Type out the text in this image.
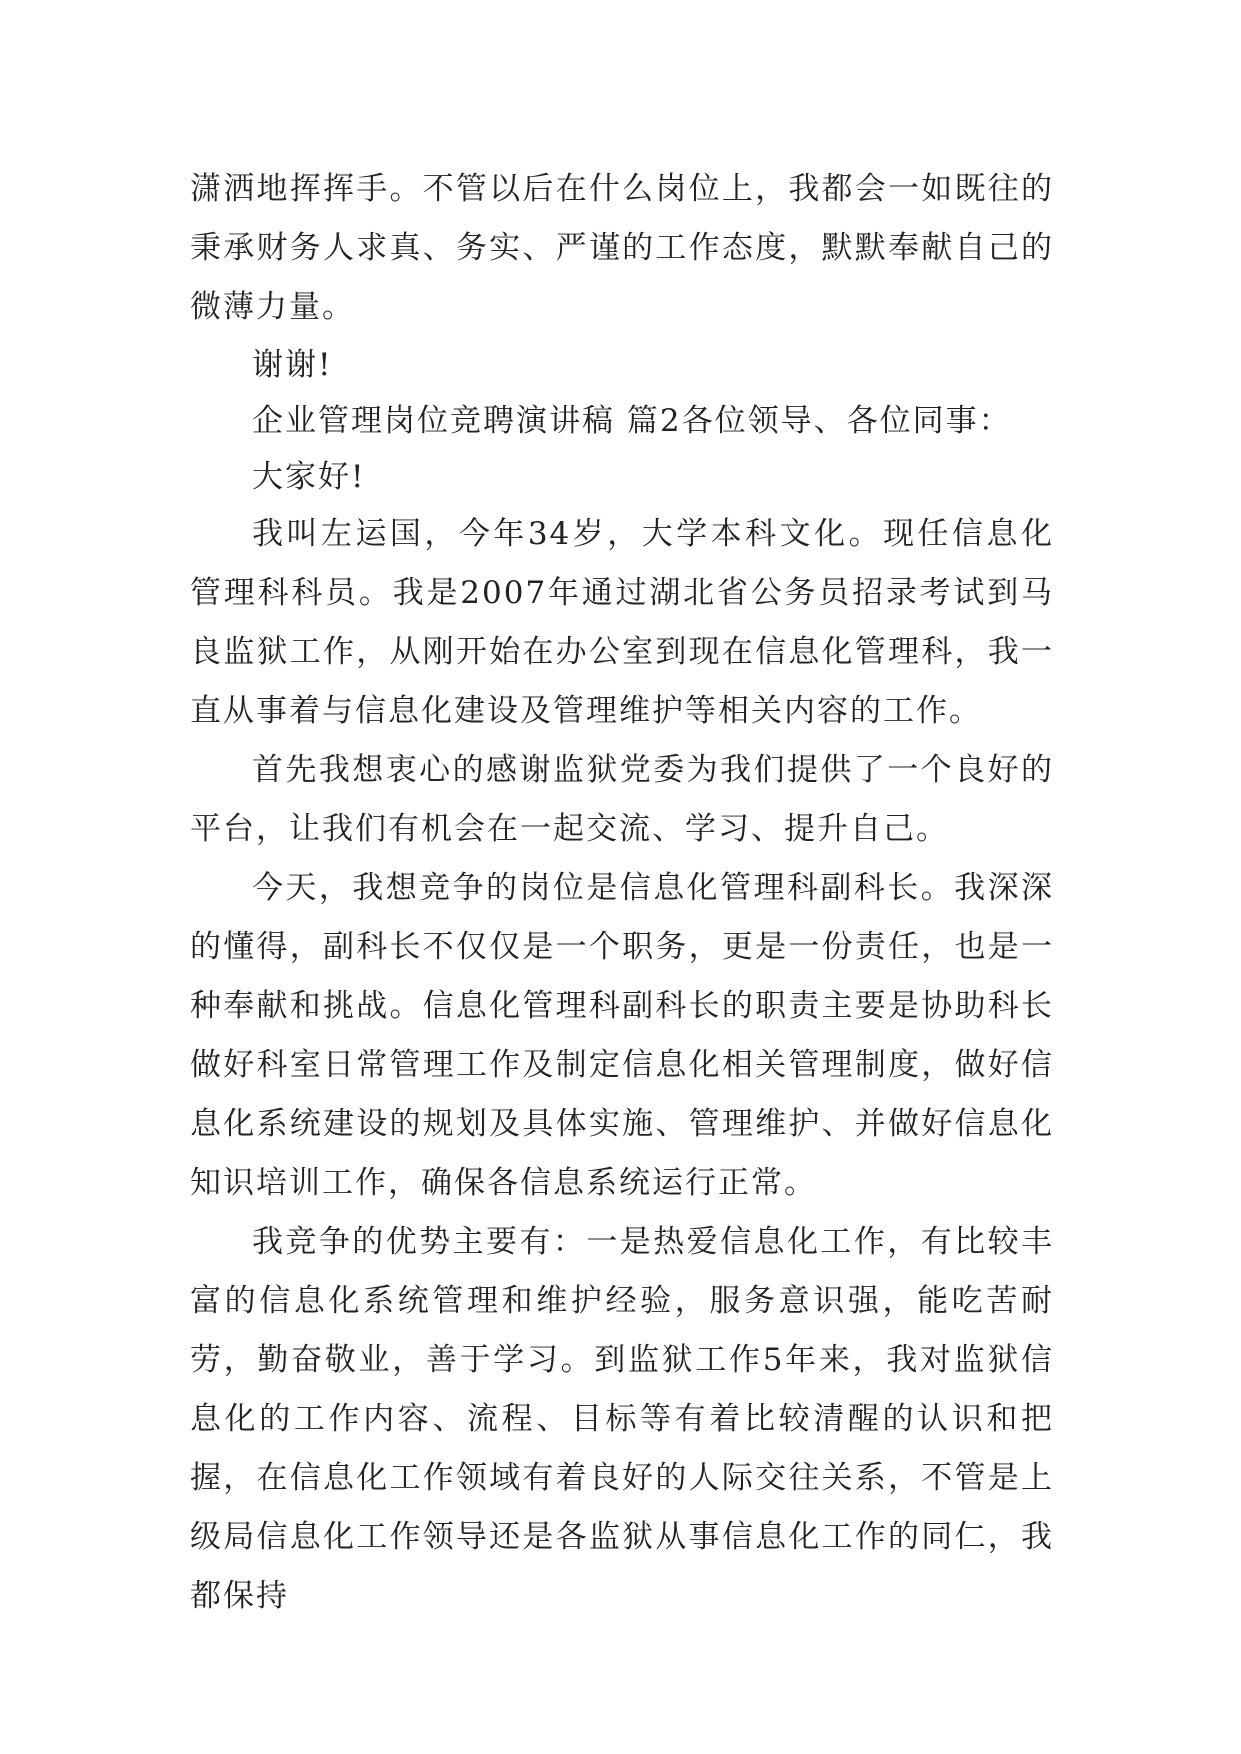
潇洒地挥挥手。不管以后在什么岗位上，我都会一如既往的秉承财务人求真、务实、严谨的工作态度，默默奉献自己的微薄力量。

谢谢!

企业管理岗位竞聘演讲稿 篇2各位领导、各位同事：

大家好!

我叫左运国，今年34岁，大学本科文化。现任信息化管理科科员。我是2007年通过湖北省公务员招录考试到马良监狱工作，从刚开始在办公室到现在信息化管理科，我一直从事着与信息化建设及管理维护等相关内容的工作。

首先我想衷心的感谢监狱党委为我们提供了一个良好的平台，让我们有机会在一起交流、学习、提升自己。

今天，我想竞争的岗位是信息化管理科副科长。我深深的懂得，副科长不仅仅是一个职务，更是一份责任，也是一种奉献和挑战。信息化管理科副科长的职责主要是协助科长做好科室日常管理工作及制定信息化相关管理制度，做好信息化系统建设的规划及具体实施、管理维护、并做好信息化知识培训工作，确保各信息系统运行正常。

我竞争的优势主要有：一是热爱信息化工作，有比较丰富的信息化系统管理和维护经验，服务意识强，能吃苦耐劳，勤奋敬业，善于学习。到监狱工作5年来，我对监狱信息化的工作内容、流程、目标等有着比较清醒的认识和把握，在信息化工作领域有着良好的人际交往关系，不管是上级局信息化工作领导还是各监狱从事信息化工作的同仁，我都保持
